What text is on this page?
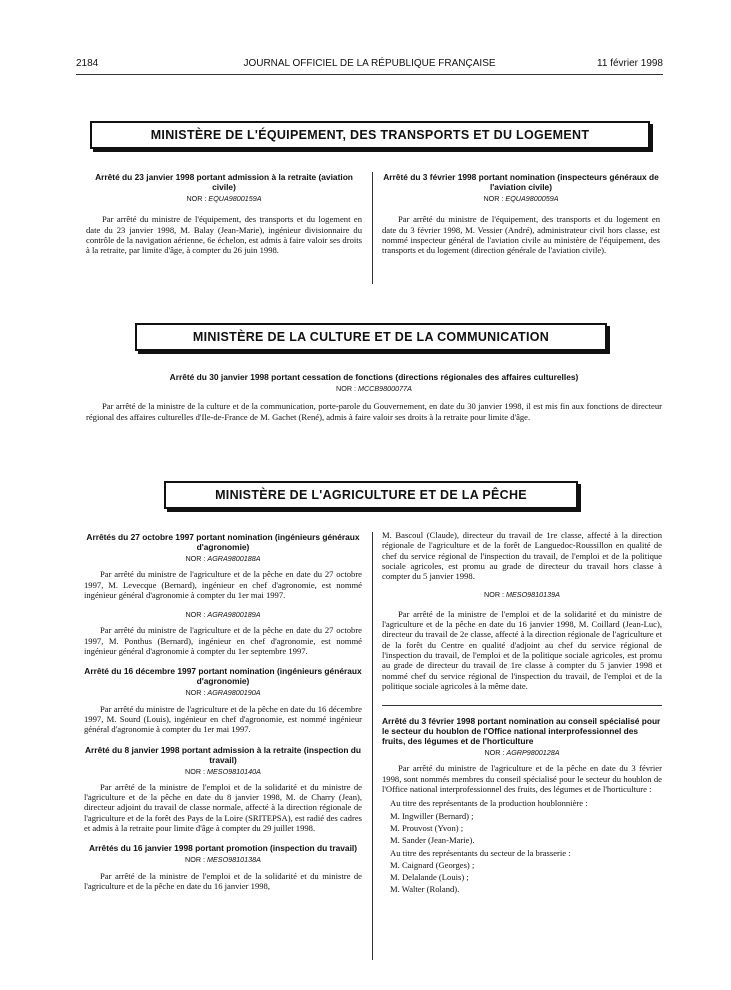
2184	JOURNAL OFFICIEL DE LA RÉPUBLIQUE FRANÇAISE	11 février 1998
MINISTÈRE DE L'ÉQUIPEMENT, DES TRANSPORTS ET DU LOGEMENT

Arrêté du 23 janvier 1998 portant admission à la retraite (aviation civile)

NOR : EQUA9800159A

Par arrêté du ministre de l'équipement, des transports et du logement en date du 23 janvier 1998, M. Balay (Jean-Marie), ingénieur divisionnaire du contrôle de la navigation aérienne, 6e échelon, est admis à faire valoir ses droits à la retraite, par limite d'âge, à compter du 26 juin 1998.

Arrêté du 3 février 1998 portant nomination (inspecteurs généraux de l'aviation civile)

NOR : EQUA9800059A

Par arrêté du ministre de l'équipement, des transports et du logement en date du 3 février 1998, M. Vessier (André), administrateur civil hors classe, est nommé inspecteur général de l'aviation civile au ministère de l'équipement, des transports et du logement (direction générale de l'aviation civile).

MINISTÈRE DE LA CULTURE ET DE LA COMMUNICATION

Arrêté du 30 janvier 1998 portant cessation de fonctions (directions régionales des affaires culturelles)

NOR : MCCB9800077A

Par arrêté de la ministre de la culture et de la communication, porte-parole du Gouvernement, en date du 30 janvier 1998, il est mis fin aux fonctions de directeur régional des affaires culturelles d'Ile-de-France de M. Gachet (René), admis à faire valoir ses droits à la retraite pour limite d'âge.

MINISTÈRE DE L'AGRICULTURE ET DE LA PÊCHE

Arrêtés du 27 octobre 1997 portant nomination (ingénieurs généraux d'agronomie)

NOR : AGRA9800188A

Par arrêté du ministre de l'agriculture et de la pêche en date du 27 octobre 1997, M. Levecque (Bernard), ingénieur en chef d'agronomie, est nommé ingénieur général d'agronomie à compter du 1er mai 1997.

NOR : AGRA9800189A

Par arrêté du ministre de l'agriculture et de la pêche en date du 27 octobre 1997, M. Ponthus (Bernard), ingénieur en chef d'agronomie, est nommé ingénieur général d'agronomie à compter du 1er septembre 1997.

Arrêté du 16 décembre 1997 portant nomination (ingénieurs généraux d'agronomie)

NOR : AGRA9800190A

Par arrêté du ministre de l'agriculture et de la pêche en date du 16 décembre 1997, M. Sourd (Louis), ingénieur en chef d'agronomie, est nommé ingénieur général d'agronomie à compter du 1er mai 1997.

Arrêté du 8 janvier 1998 portant admission à la retraite (inspection du travail)

NOR : MESO9810140A

Par arrêté de la ministre de l'emploi et de la solidarité et du ministre de l'agriculture et de la pêche en date du 8 janvier 1998, M. de Charry (Jean), directeur adjoint du travail de classe normale, affecté à la direction régionale de l'agriculture et de la forêt des Pays de la Loire (SRITEPSA), est radié des cadres et admis à la retraite pour limite d'âge à compter du 29 juillet 1998.

Arrêtés du 16 janvier 1998 portant promotion (inspection du travail)

NOR : MESO9810138A

Par arrêté de la ministre de l'emploi et de la solidarité et du ministre de l'agriculture et de la pêche en date du 16 janvier 1998,

M. Bascoul (Claude), directeur du travail de 1re classe, affecté à la direction régionale de l'agriculture et de la forêt de Languedoc-Roussillon en qualité de chef du service régional de l'inspection du travail, de l'emploi et de la politique sociale agricoles, est promu au grade de directeur du travail hors classe à compter du 5 janvier 1998.

NOR : MESO9810139A

Par arrêté de la ministre de l'emploi et de la solidarité et du ministre de l'agriculture et de la pêche en date du 16 janvier 1998, M. Coillard (Jean-Luc), directeur du travail de 2e classe, affecté à la direction régionale de l'agriculture et de la forêt du Centre en qualité d'adjoint au chef du service régional de l'inspection du travail, de l'emploi et de la politique sociale agricoles, est promu au grade de directeur du travail de 1re classe à compter du 5 janvier 1998 et nommé chef du service régional de l'inspection du travail, de l'emploi et de la politique sociale agricoles à la même date.

Arrêté du 3 février 1998 portant nomination au conseil spécialisé pour le secteur du houblon de l'Office national interprofessionnel des fruits, des légumes et de l'horticulture

NOR : AGRP9800128A

Par arrêté du ministre de l'agriculture et de la pêche en date du 3 février 1998, sont nommés membres du conseil spécialisé pour le secteur du houblon de l'Office national interprofessionnel des fruits, des légumes et de l'horticulture :

Au titre des représentants de la production houblonnière :

M. Ingwiller (Bernard) ;

M. Prouvost (Yvon) ;

M. Sander (Jean-Marie).

Au titre des représentants du secteur de la brasserie :

M. Caignard (Georges) ;

M. Delalande (Louis) ;

M. Walter (Roland).
